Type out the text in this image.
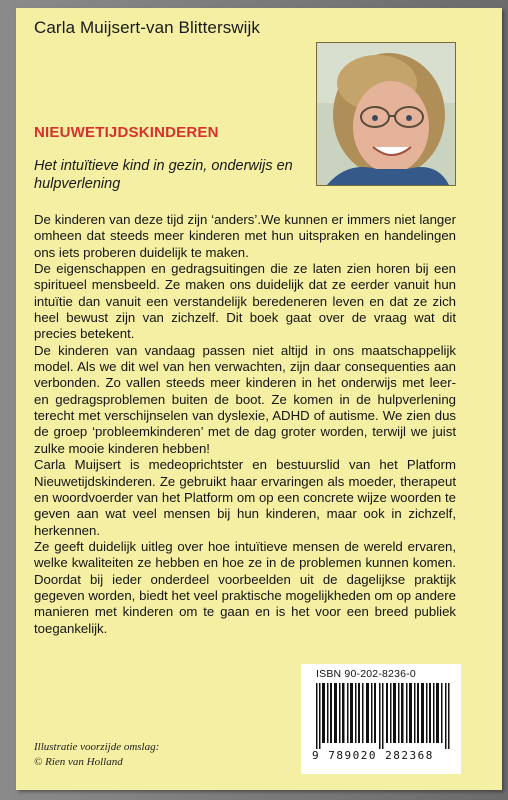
Carla Muijsert-van Blitterswijk
NIEUWETIJDSKINDEREN
Het intuïtieve kind in gezin, onderwijs en hulpverlening

De kinderen van deze tijd zijn ‘anders’.We kunnen er immers niet langer omheen dat steeds meer kinderen met hun uitspraken en handelingen ons iets proberen duidelijk te maken.

De eigenschappen en gedragsuitingen die ze laten zien horen bij een spiritueel mensbeeld. Ze maken ons duidelijk dat ze eerder vanuit hun intuïtie dan vanuit een verstandelijk beredeneren leven en dat ze zich heel bewust zijn van zichzelf. Dit boek gaat over de vraag wat dit precies betekent.

De kinderen van vandaag passen niet altijd in ons maatschappelijk model. Als we dit wel van hen verwachten, zijn daar consequenties aan verbonden. Zo vallen steeds meer kinderen in het onderwijs met leer- en gedragsproblemen buiten de boot. Ze komen in de hulpverlening terecht met verschijnselen van dyslexie, ADHD of autisme. We zien dus de groep ‘probleemkinderen’ met de dag groter worden, terwijl we juist zulke mooie kinderen hebben!

Carla Muijsert is medeoprichtster en bestuurslid van het Platform Nieuwetijdskinderen. Ze gebruikt haar ervaringen als moeder, therapeut en woordvoerder van het Platform om op een concrete wijze woorden te geven aan wat veel mensen bij hun kinderen, maar ook in zichzelf, herkennen.

Ze geeft duidelijk uitleg over hoe intuïtieve mensen de wereld ervaren, welke kwaliteiten ze hebben en hoe ze in de problemen kunnen komen. Doordat bij ieder onderdeel voorbeelden uit de dagelijkse praktijk gegeven worden, biedt het veel praktische mogelijkheden om op andere manieren met kinderen om te gaan en is het voor een breed publiek toegankelijk.

ISBN 90-202-8236-0
9 789020 282368
Illustratie voorzijde omslag:
© Rien van Holland
